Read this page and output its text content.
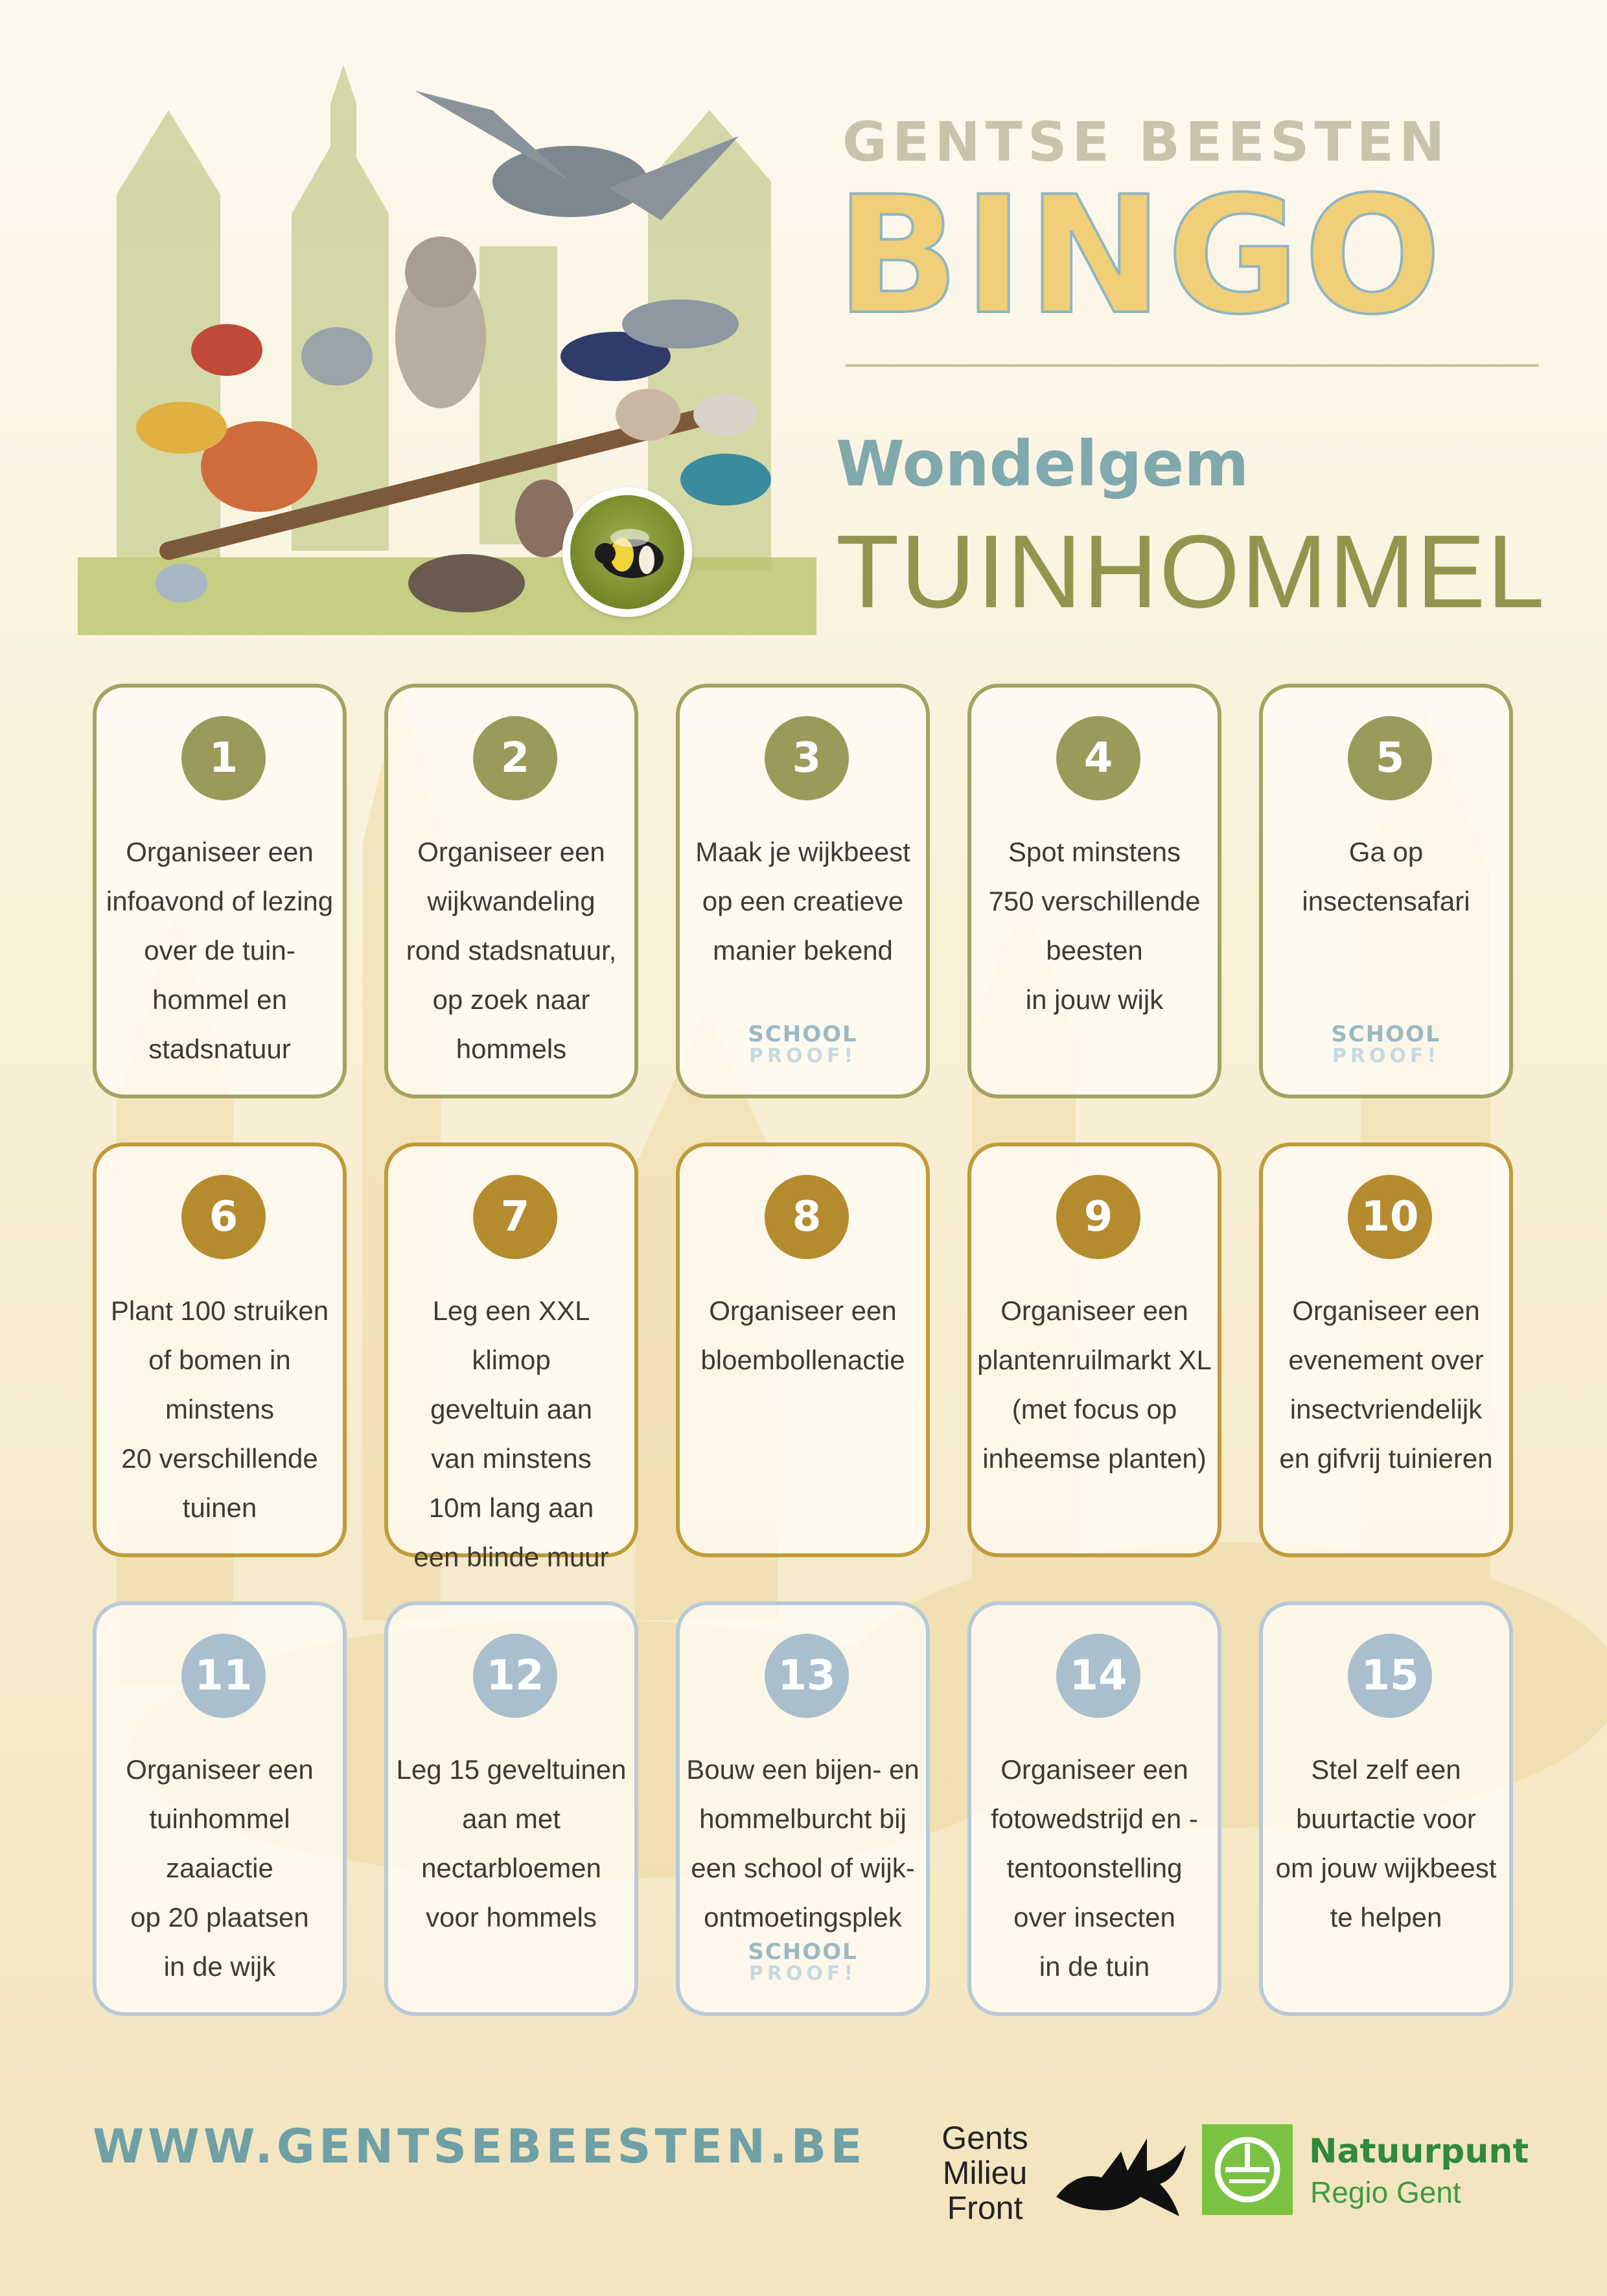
GENTSE BEESTEN
BINGO
Wondelgem
TUINHOMMEL
1
Organiseer een
infoavond of lezing
over de tuin-
hommel en
stadsnatuur
2
Organiseer een
wijkwandeling
rond stadsnatuur,
op zoek naar
hommels
3
Maak je wijkbeest
op een creatieve
manier bekend
SCHOOL
PROOF!
4
Spot minstens
750 verschillende
beesten
in jouw wijk
5
Ga op
insectensafari
SCHOOL
PROOF!
6
Plant 100 struiken
of bomen in
minstens
20 verschillende
tuinen
7
Leg een XXL klimop
geveltuin aan
van minstens
10m lang aan
een blinde muur
8
Organiseer een
bloembollenactie
9
Organiseer een
plantenruilmarkt XL
(met focus op
inheemse planten)
10
Organiseer een
evenement over
insectvriendelijk
en gifvrij tuinieren
11
Organiseer een
tuinhommel
zaaiactie
op 20 plaatsen
in de wijk
12
Leg 15 geveltuinen
aan met
nectarbloemen
voor hommels
13
Bouw een bijen- en
hommelburcht bij
een school of wijk-
ontmoetingsplek
SCHOOL
PROOF!
14
Organiseer een
fotowedstrijd en -
tentoonstelling
over insecten
in de tuin
15
Stel zelf een
buurtactie voor
om jouw wijkbeest
te helpen
WWW.GENTSEBEESTEN.BE Gents
Milieu
Front
Natuurpunt
Regio Gent
